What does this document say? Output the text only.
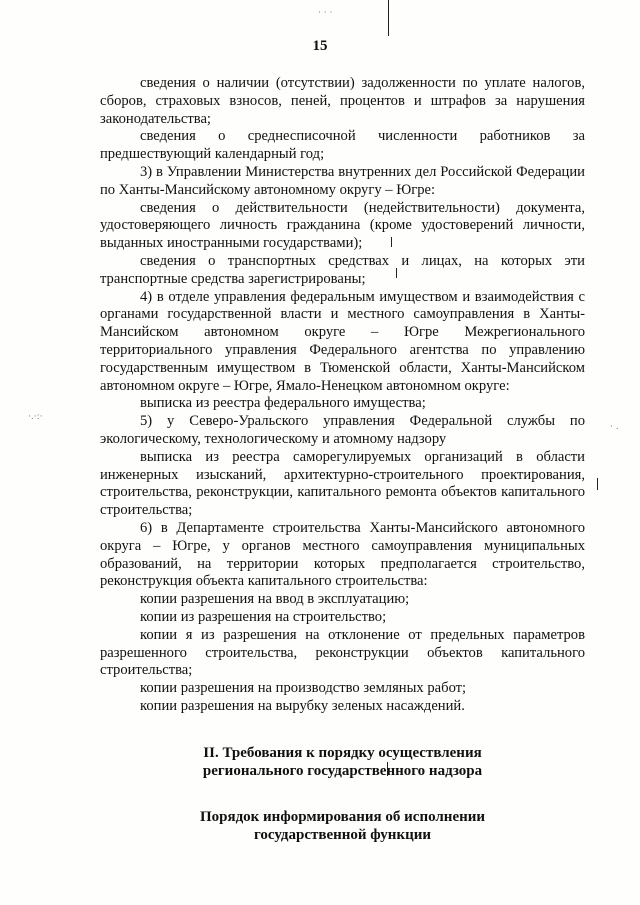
·.·:·
· .
· · ·
15

сведения о наличии (отсутствии) задолженности по уплате налогов, сборов, страховых взносов, пеней, процентов и штрафов за нарушения законодательства;

сведения о среднесписочной численности работников за предшествующий календарный год;

3) в Управлении Министерства внутренних дел Российской Федерации по Ханты-Мансийскому автономному округу – Югре:

сведения о действительности (недействительности) документа, удостоверяющего личность гражданина (кроме удостоверений личности, выданных иностранными государствами);

сведения о транспортных средствах и лицах, на которых эти транспортные средства зарегистрированы;

4) в отделе управления федеральным имуществом и взаимодействия с органами государственной власти и местного самоуправления в Ханты-Мансийском автономном округе – Югре Межрегионального территориального управления Федерального агентства по управлению государственным имуществом в Тюменской области, Ханты-Мансийском автономном округе – Югре, Ямало-Ненецком автономном округе:

выписка из реестра федерального имущества;

5) у Северо-Уральского управления Федеральной службы по экологическому, технологическому и атомному надзору

выписка из реестра саморегулируемых организаций в области инженерных изысканий, архитектурно-строительного проектирования, строительства, реконструкции, капитального ремонта объектов капитального строительства;

6) в Департаменте строительства Ханты-Мансийского автономного округа – Югре, у органов местного самоуправления муниципальных образований, на территории которых предполагается строительство, реконструкция объекта капитального строительства:

копии разрешения на ввод в эксплуатацию;

копии из разрешения на строительство;

копии я из разрешения на отклонение от предельных параметров разрешенного строительства, реконструкции объектов капитального строительства;

копии разрешения на производство земляных работ;

копии разрешения на вырубку зеленых насаждений.

II. Требования к порядку осуществления

регионального государственного надзора

Порядок информирования об исполнении

государственной функции
